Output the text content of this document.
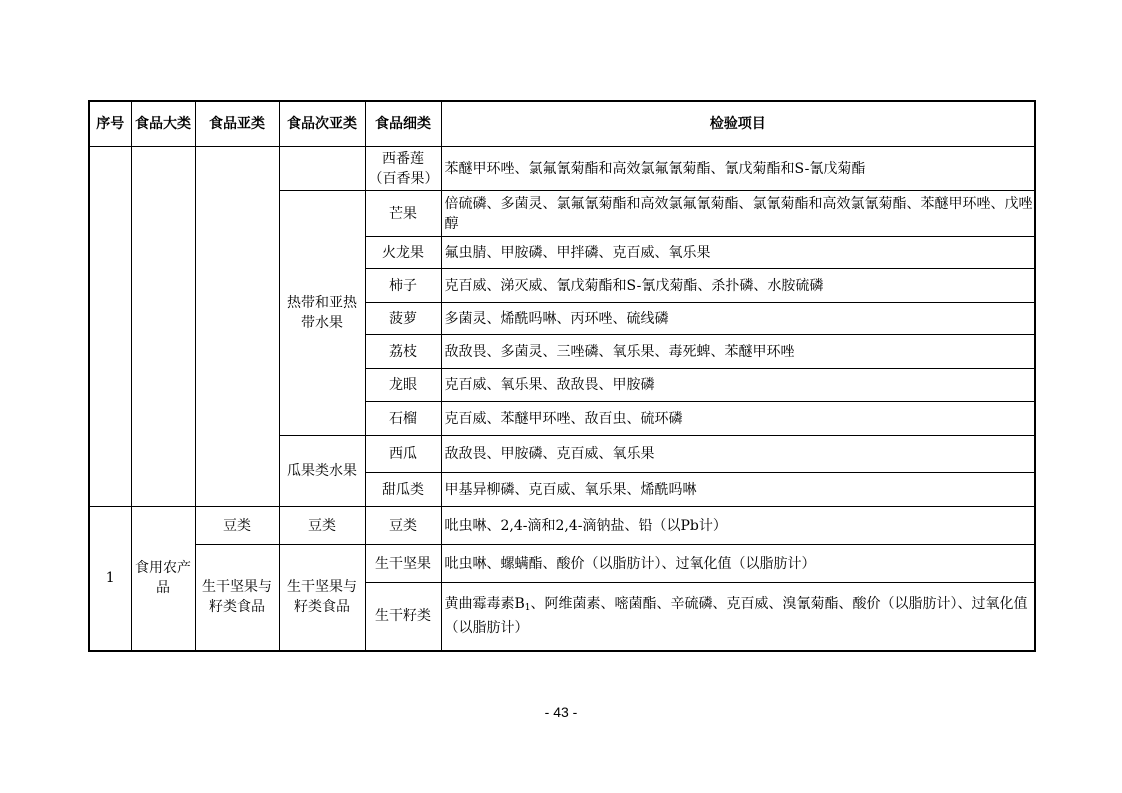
序号	食品大类	食品亚类	食品次亚类	食品细类	检验项目
				西番莲（百香果）	苯醚甲环唑、氯氟氰菊酯和高效氯氟氰菊酯、氰戊菊酯和S-氰戊菊酯
			热带和亚热带水果	芒果	倍硫磷、多菌灵、氯氟氰菊酯和高效氯氟氰菊酯、氯氰菊酯和高效氯氰菊酯、苯醚甲环唑、戊唑醇
				火龙果	氟虫腈、甲胺磷、甲拌磷、克百威、氧乐果
				柿子	克百威、涕灭威、氰戊菊酯和S-氰戊菊酯、杀扑磷、水胺硫磷
				菠萝	多菌灵、烯酰吗啉、丙环唑、硫线磷
				荔枝	敌敌畏、多菌灵、三唑磷、氧乐果、毒死蜱、苯醚甲环唑
				龙眼	克百威、氧乐果、敌敌畏、甲胺磷
				石榴	克百威、苯醚甲环唑、敌百虫、硫环磷
			瓜果类水果	西瓜	敌敌畏、甲胺磷、克百威、氧乐果
				甜瓜类	甲基异柳磷、克百威、氧乐果、烯酰吗啉
1	食用农产品	豆类	豆类	豆类	吡虫啉、2,4-滴和2,4-滴钠盐、铅（以Pb计）
		生干坚果与籽类食品	生干坚果与籽类食品	生干坚果	吡虫啉、螺螨酯、酸价（以脂肪计）、过氧化值（以脂肪计）
				生干籽类	黄曲霉毒素$B_1$、阿维菌素、嘧菌酯、辛硫磷、克百威、溴氰菊酯、酸价（以脂肪计）、过氧化值（以脂肪计）
- 43 -
